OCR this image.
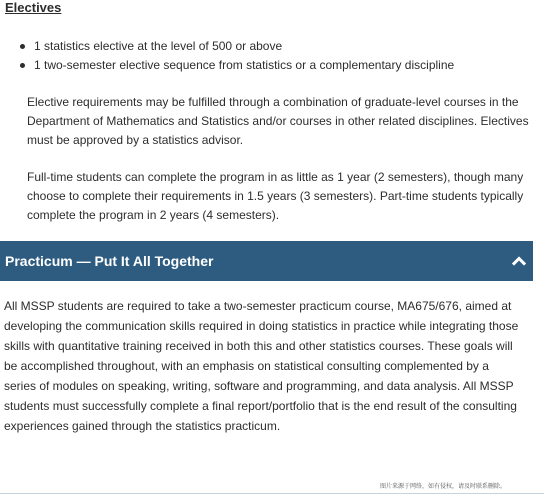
Electives
1 statistics elective at the level of 500 or above
1 two-semester elective sequence from statistics or a complementary discipline

Elective requirements may be fulfilled through a combination of graduate-level courses in the Department of Mathematics and Statistics and/or courses in other related disciplines. Electives must be approved by a statistics advisor.

Full-time students can complete the program in as little as 1 year (2 semesters), though many choose to complete their requirements in 1.5 years (3 semesters). Part-time students typically complete the program in 2 years (4 semesters).

Practicum — Put It All Together

All MSSP students are required to take a two-semester practicum course, MA675/676, aimed at developing the communication skills required in doing statistics in practice while integrating those skills with quantitative training received in both this and other statistics courses. These goals will be accomplished throughout, with an emphasis on statistical consulting complemented by a series of modules on speaking, writing, software and programming, and data analysis. All MSSP students must successfully complete a final report/portfolio that is the end result of the consulting experiences gained through the statistics practicum.

图片来源于网络，如有侵权，请及时联系删除。
